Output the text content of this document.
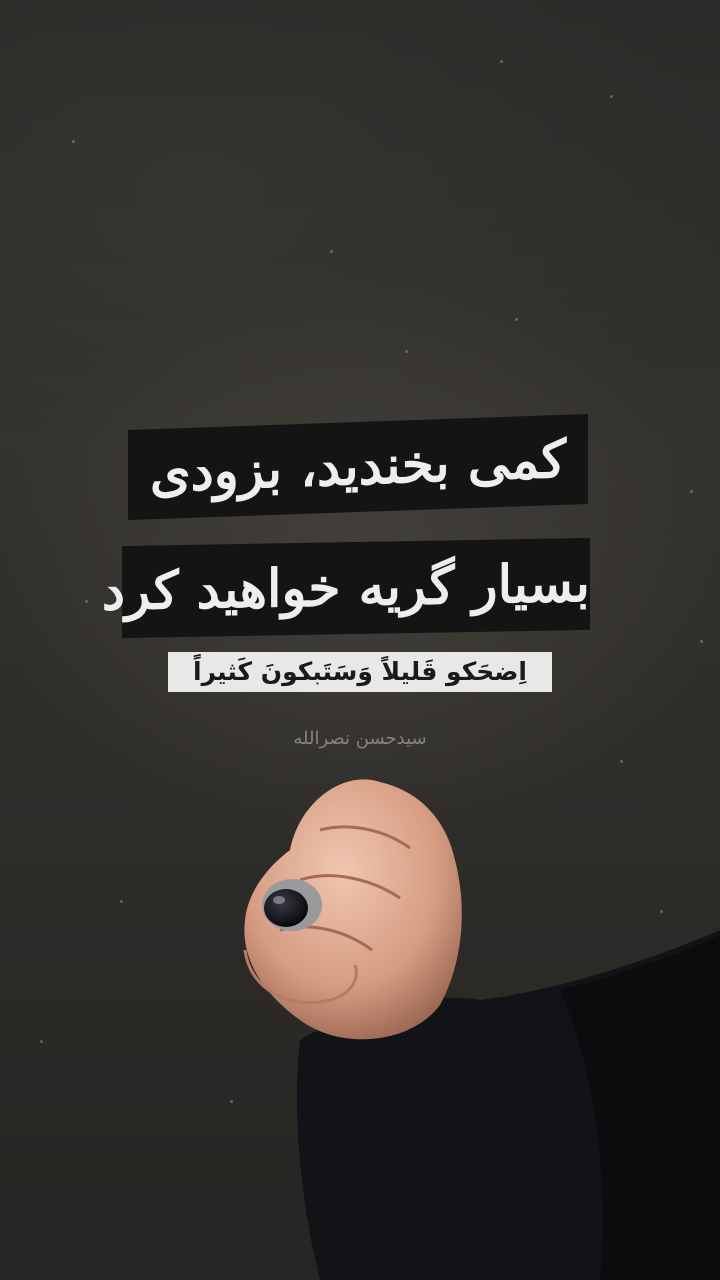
کمی بخندید، بزودی
بسیار گریه خواهید کرد
اِضحَکو قَلیلاً وَسَتَبکونَ کَثیراً
سیدحسن نصرالله
